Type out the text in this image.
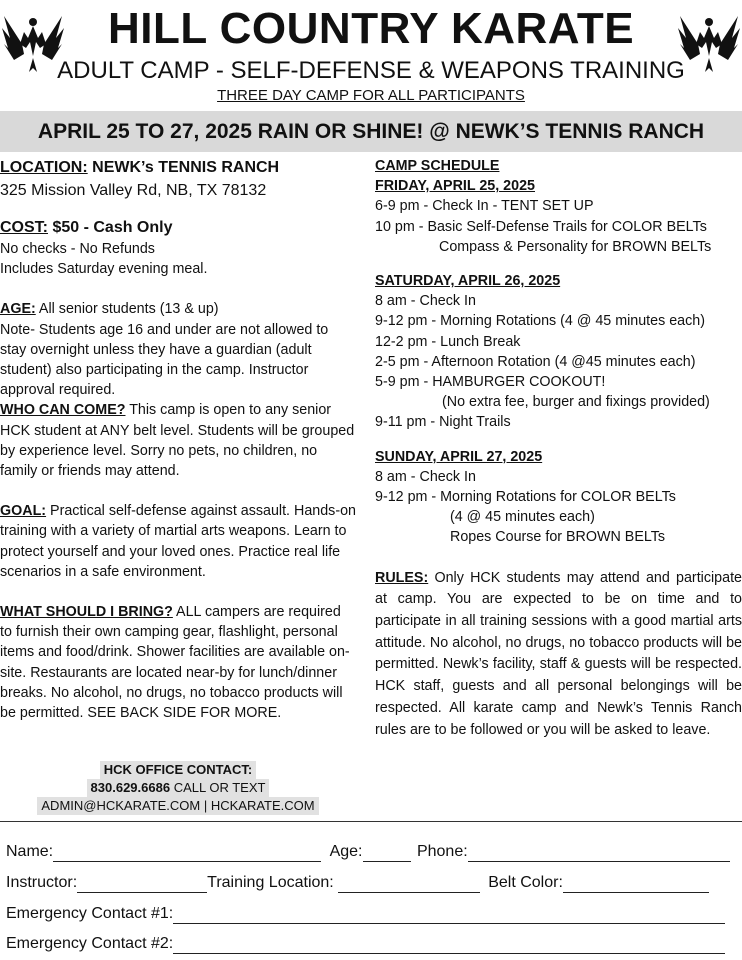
HILL COUNTRY KARATE
ADULT CAMP - SELF-DEFENSE & WEAPONS TRAINING
THREE DAY CAMP FOR ALL PARTICIPANTS
APRIL 25 TO 27, 2025 RAIN OR SHINE! @ NEWK’S TENNIS RANCH
LOCATION: NEWK’s TENNIS RANCH
325 Mission Valley Rd, NB, TX 78132
COST: $50 - Cash Only
No checks - No Refunds
Includes Saturday evening meal.
AGE: All senior students (13 & up)
Note- Students age 16 and under are not allowed to stay overnight unless they have a guardian (adult student) also participating in the camp. Instructor approval required.
WHO CAN COME? This camp is open to any senior HCK student at ANY belt level. Students will be grouped by experience level. Sorry no pets, no children, no family or friends may attend.
GOAL: Practical self-defense against assault. Hands-on training with a variety of martial arts weapons. Learn to protect yourself and your loved ones. Practice real life scenarios in a safe environment.
WHAT SHOULD I BRING? ALL campers are required to furnish their own camping gear, flashlight, personal items and food/drink. Shower facilities are available on-site. Restaurants are located near-by for lunch/dinner breaks. No alcohol, no drugs, no tobacco products will be permitted. SEE BACK SIDE FOR MORE.
HCK OFFICE CONTACT:
830.629.6686 CALL OR TEXT
ADMIN@HCKARATE.COM | HCKARATE.COM
CAMP SCHEDULE
FRIDAY, APRIL 25, 2025
6-9 pm - Check In - TENT SET UP
10 pm - Basic Self-Defense Trails for COLOR BELTs
Compass & Personality for BROWN BELTs
SATURDAY, APRIL 26, 2025
8 am - Check In
9-12 pm - Morning Rotations (4 @ 45 minutes each)
12-2 pm - Lunch Break
2-5 pm - Afternoon Rotation (4 @45 minutes each)
5-9 pm - HAMBURGER COOKOUT!
(No extra fee, burger and fixings provided)
9-11 pm - Night Trails
SUNDAY, APRIL 27, 2025
8 am - Check In
9-12 pm - Morning Rotations for COLOR BELTs
(4 @ 45 minutes each)
Ropes Course for BROWN BELTs
RULES: Only HCK students may attend and participate at camp. You are expected to be on time and to participate in all training sessions with a good martial arts attitude. No alcohol, no drugs, no tobacco products will be permitted. Newk’s facility, staff & guests will be respected. HCK staff, guests and all personal belongings will be respected. All karate camp and Newk’s Tennis Ranch rules are to be followed or you will be asked to leave.
Name:	Age:	Phone:
Instructor:	Training Location:	Belt Color:
Emergency Contact #1:
Emergency Contact #2:
